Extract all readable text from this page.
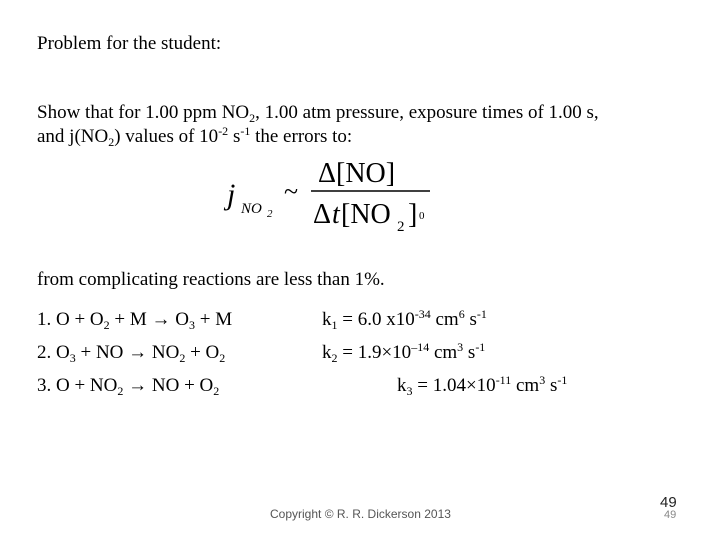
Problem for the student:
Show that for 1.00 ppm $NO_2$, 1.00 atm pressure, exposure times of 1.00 s,
and $j(NO_2)$ values of $10^{-2}$ $s^{-1}$ the errors to:
j NO 2
~
Δ[NO]
Δ t [NO 2 ] 0
from complicating reactions are less than 1%.
1. $O + O_2 + M \to O_3 + M$	$k_1 = 6.0$ $x10^{-34}$ $cm^6$ $s^{-1}$
2. $O_3$ + NO → $NO_2 + O_2$	$k_2 = 1.9\times 10^{-14}$ $cm^3$ $s^{-1}$
3. $O + NO_2$ → NO + $O_2$	$k_3 = 1.04\times 10^{-11}$ $cm^3$ $s^{-1}$
Copyright © R. R. Dickerson 2013
49
49
